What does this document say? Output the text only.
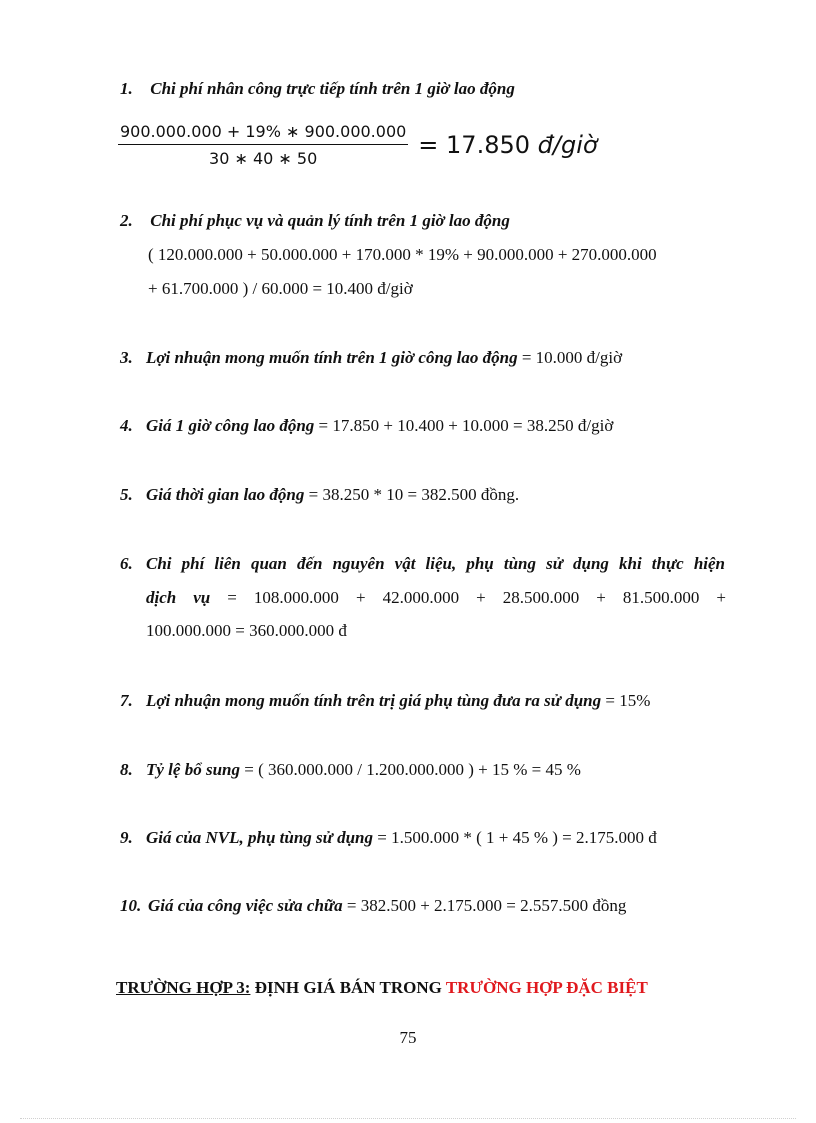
1. Chi phí nhân công trực tiếp tính trên 1 giờ lao động
$\frac{900.000.000 + 19\% ∗ 900.000.000}{30 ∗ 40 ∗ 50} = 17.850$ đ/giờ
2. Chi phí phục vụ và quản lý tính trên 1 giờ lao động
( 120.000.000 + 50.000.000 + 170.000 * 19% + 90.000.000 + 270.000.000
+ 61.700.000 ) / 60.000 = 10.400 đ/giờ
3. Lợi nhuận mong muốn tính trên 1 giờ công lao động = 10.000 đ/giờ
4. Giá 1 giờ công lao động = 17.850 + 10.400 + 10.000 = 38.250 đ/giờ
5. Giá thời gian lao động = 38.250 * 10 = 382.500 đồng.
6. Chi phí liên quan đến nguyên vật liệu, phụ tùng sử dụng khi thực hiện
dịch vụ = 108.000.000 + 42.000.000 + 28.500.000 + 81.500.000 +
100.000.000 = 360.000.000 đ
7. Lợi nhuận mong muốn tính trên trị giá phụ tùng đưa ra sử dụng = 15%
8. Tỷ lệ bổ sung = ( 360.000.000 / 1.200.000.000 ) + 15 % = 45 %
9. Giá của NVL, phụ tùng sử dụng = 1.500.000 * ( 1 + 45 % ) = 2.175.000 đ
10. Giá của công việc sửa chữa = 382.500 + 2.175.000 = 2.557.500 đồng
TRƯỜNG HỢP 3: ĐỊNH GIÁ BÁN TRONG TRƯỜNG HỢP ĐẶC BIỆT
75
